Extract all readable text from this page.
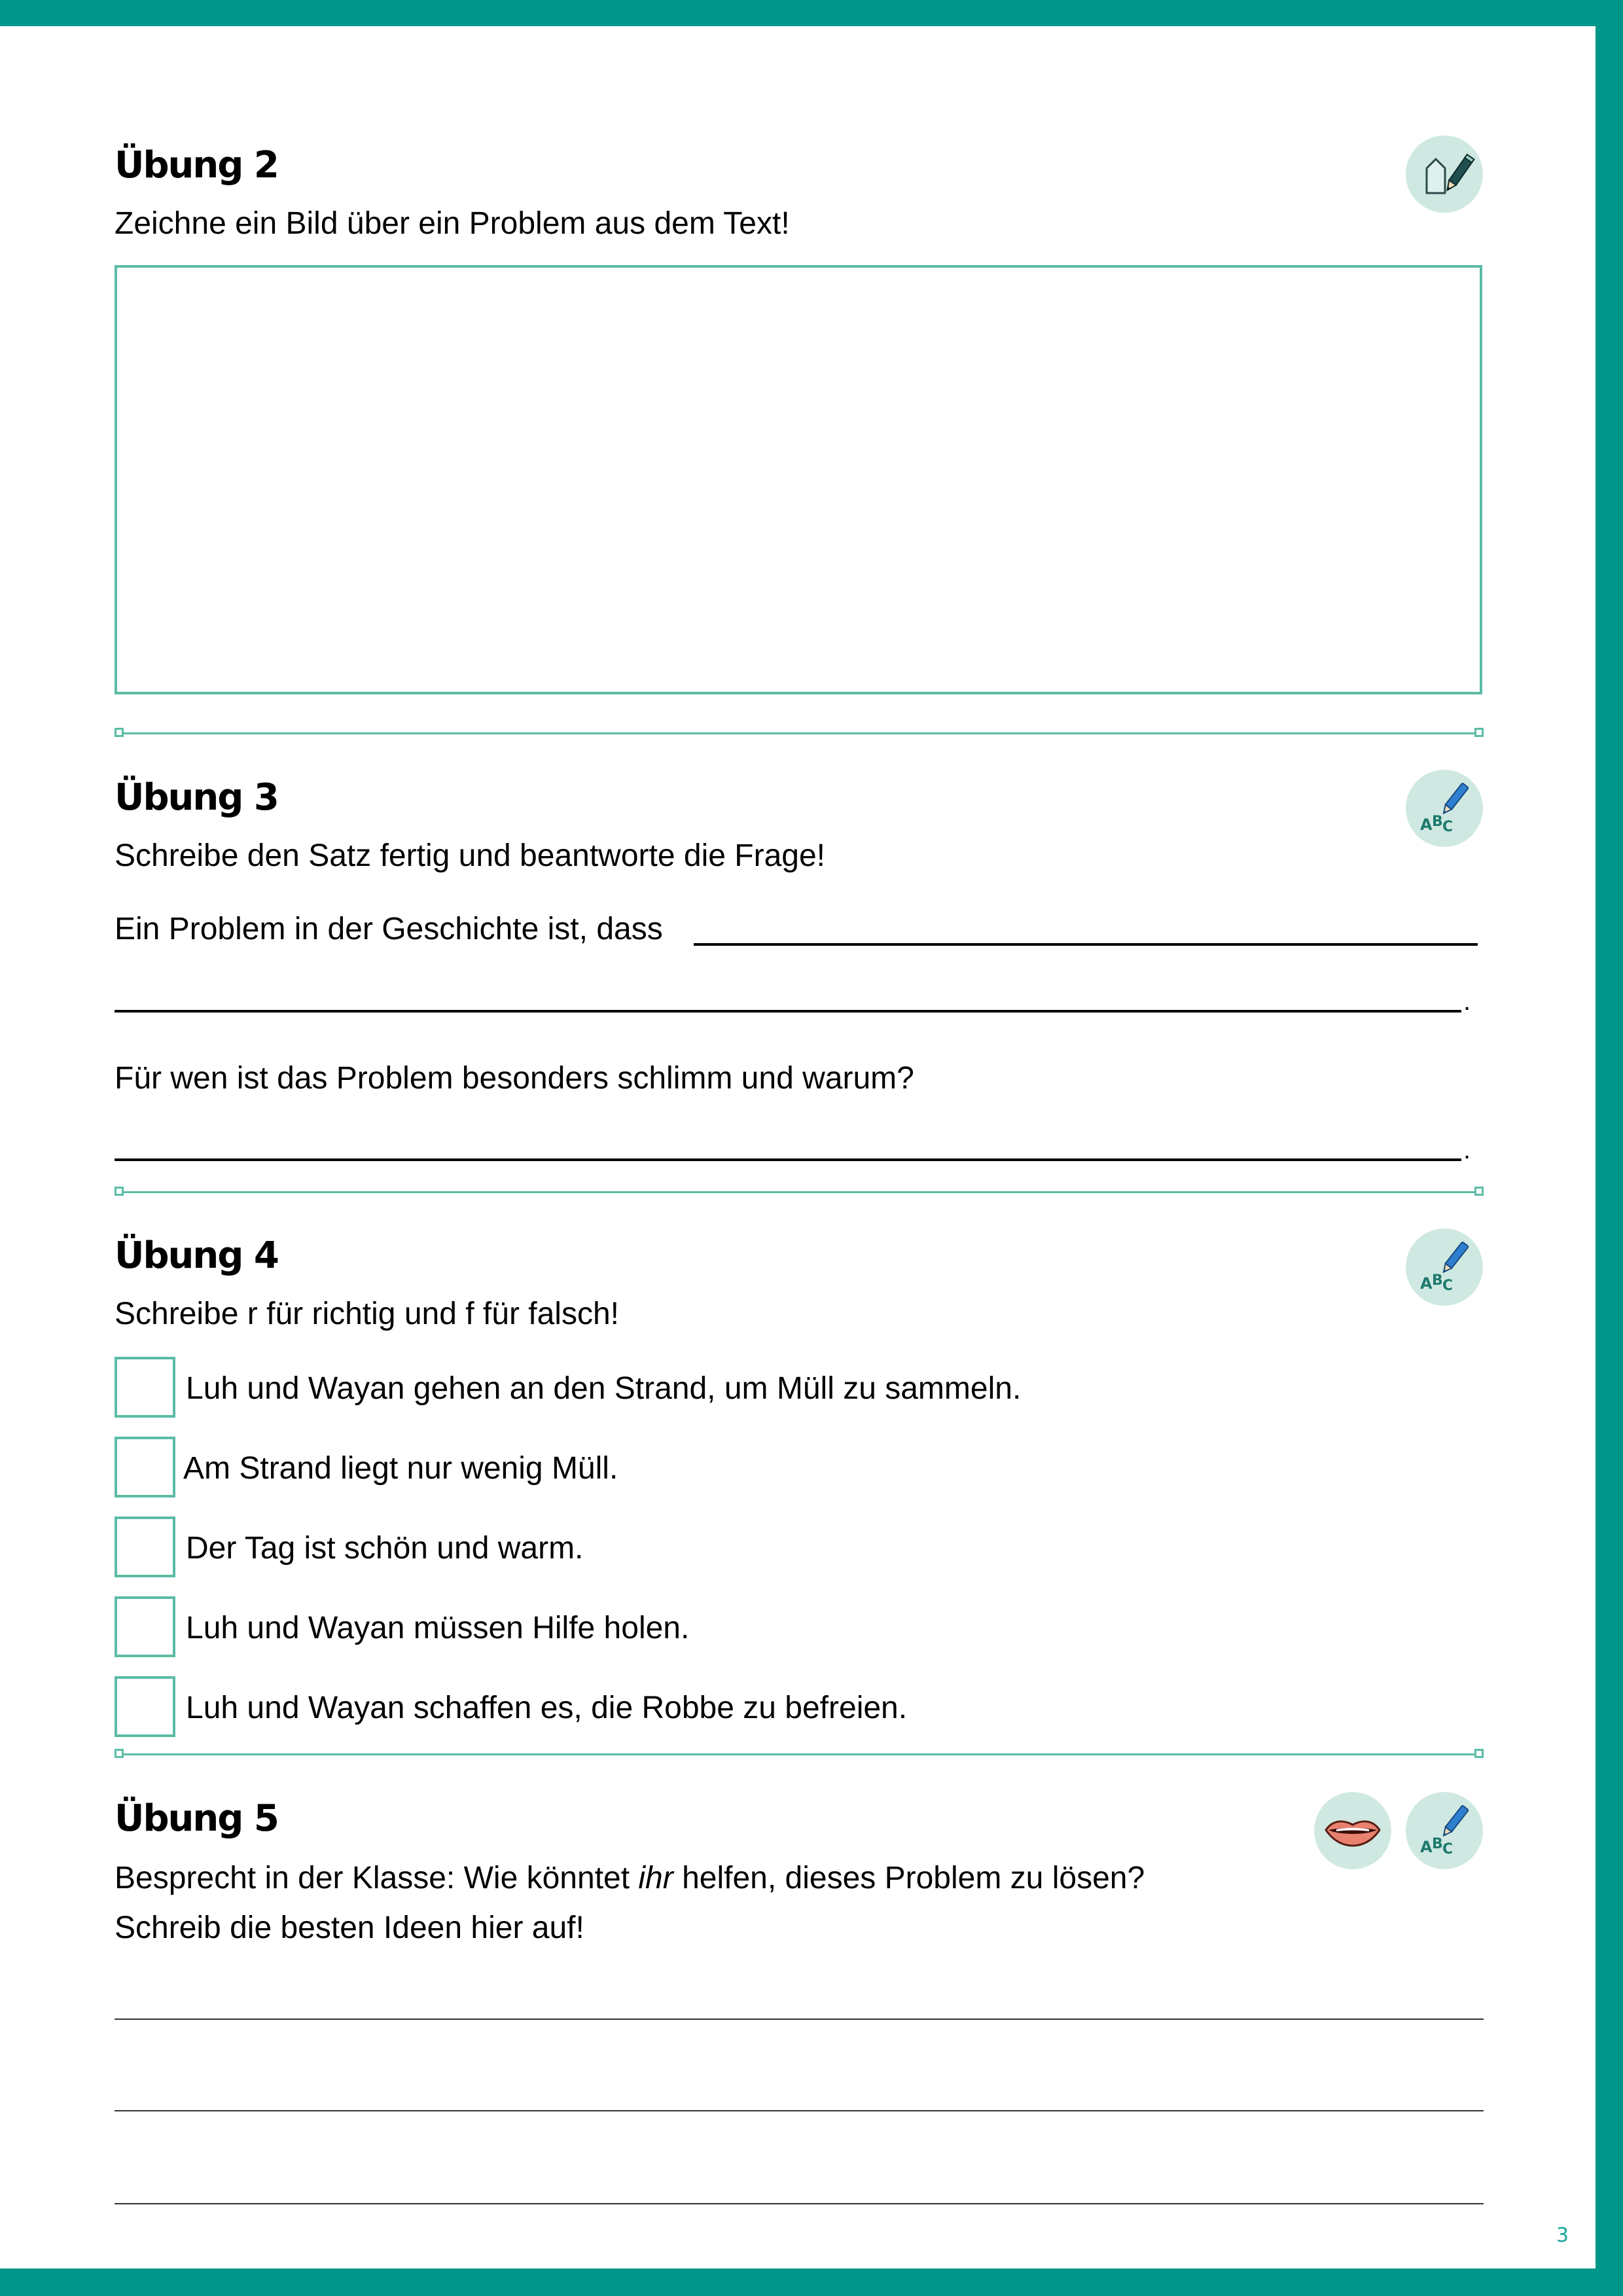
Übung 2
Zeichne ein Bild über ein Problem aus dem Text!
Übung 3
A B C
Schreibe den Satz fertig und beantworte die Frage!
Ein Problem in der Geschichte ist, dass
.
Für wen ist das Problem besonders schlimm und warum?
.
Übung 4
A B C
Schreibe r für richtig und f für falsch!
Luh und Wayan gehen an den Strand, um Müll zu sammeln.
Am Strand liegt nur wenig Müll.
Der Tag ist schön und warm.
Luh und Wayan müssen Hilfe holen.
Luh und Wayan schaffen es, die Robbe zu befreien.
Übung 5
A B C
Besprecht in der Klasse: Wie könntet ihr helfen, dieses Problem zu lösen?
Schreib die besten Ideen hier auf!
3
